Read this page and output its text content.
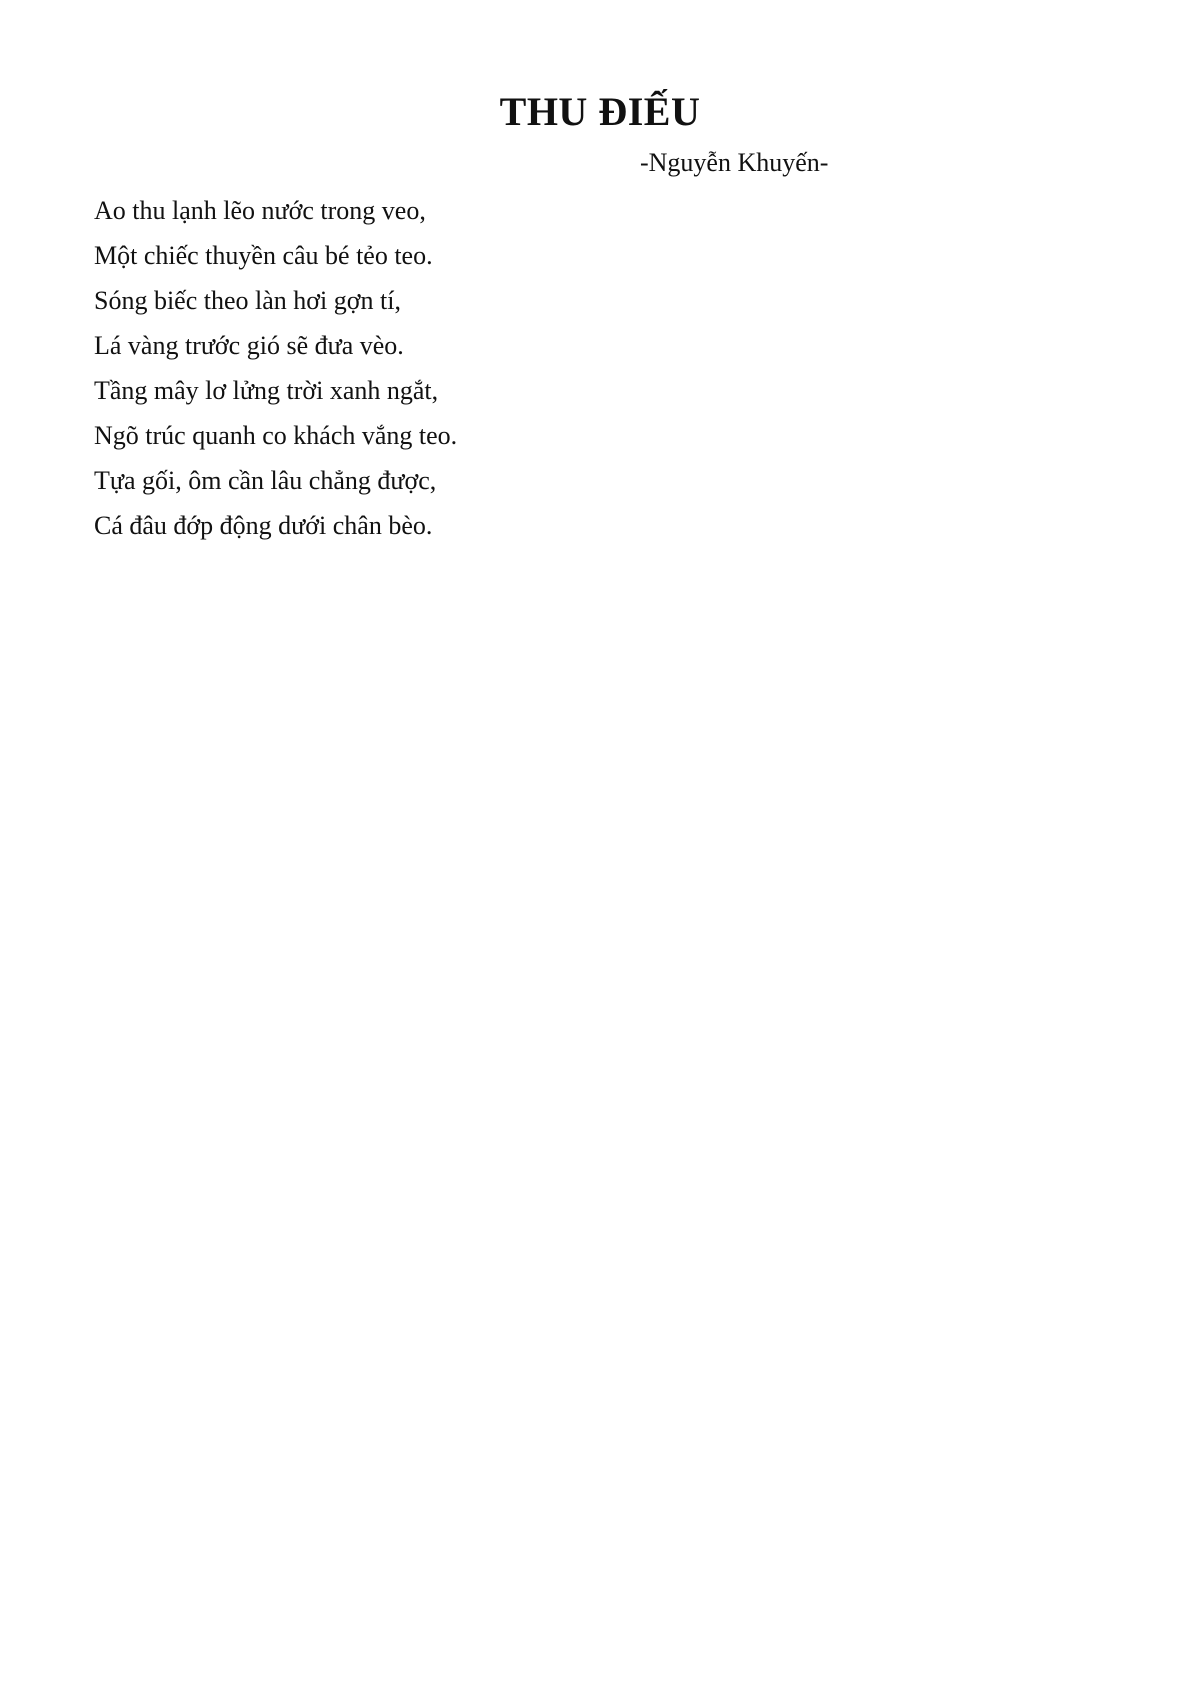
THU ĐIẾU
-Nguyễn Khuyến-
Ao thu lạnh lẽo nước trong veo,
Một chiếc thuyền câu bé tẻo teo.
Sóng biếc theo làn hơi gợn tí,
Lá vàng trước gió sẽ đưa vèo.
Tầng mây lơ lửng trời xanh ngắt,
Ngõ trúc quanh co khách vắng teo.
Tựa gối, ôm cần lâu chẳng được,
Cá đâu đớp động dưới chân bèo.
